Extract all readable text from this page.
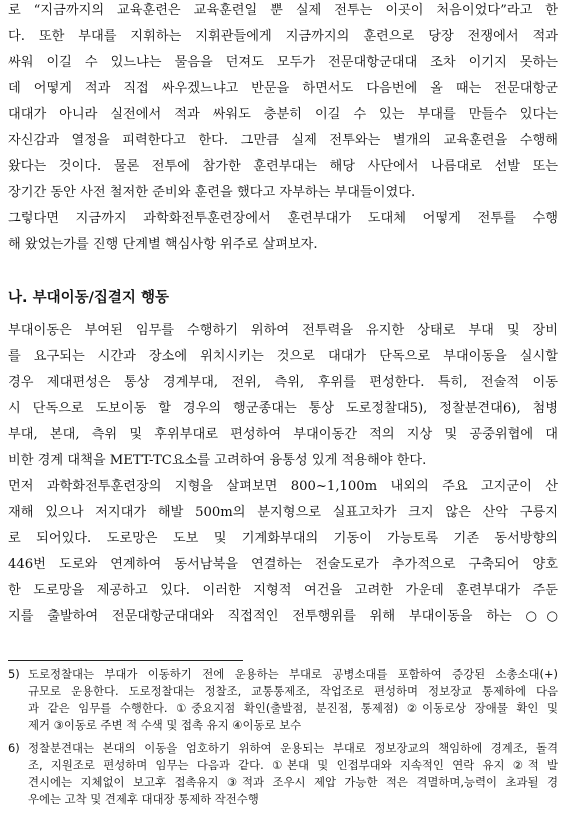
로 “지금까지의 교육훈련은 교육훈련일 뿐 실제 전투는 이곳이 처음이었다”라고 한
다. 또한 부대를 지휘하는 지휘관들에게 지금까지의 훈련으로 당장 전쟁에서 적과
싸워 이길 수 있느냐는 물음을 던져도 모두가 전문대항군대대 조차 이기지 못하는
데 어떻게 적과 직접 싸우겠느냐고 반문을 하면서도 다음번에 올 때는 전문대항군
대대가 아니라 실전에서 적과 싸워도 충분히 이길 수 있는 부대를 만들수 있다는
자신감과 열정을 피력한다고 한다. 그만큼 실제 전투와는 별개의 교육훈련을 수행해
왔다는 것이다. 물론 전투에 참가한 훈련부대는 해당 사단에서 나름대로 선발 또는
장기간 동안 사전 철저한 준비와 훈련을 했다고 자부하는 부대들이였다.
그렇다면 지금까지 과학화전투훈련장에서 훈련부대가 도대체 어떻게 전투를 수행
해 왔었는가를 진행 단계별 핵심사항 위주로 살펴보자.
나. 부대이동/집결지 행동
부대이동은 부여된 임무를 수행하기 위하여 전투력을 유지한 상태로 부대 및 장비
를 요구되는 시간과 장소에 위치시키는 것으로 대대가 단독으로 부대이동을 실시할
경우 제대편성은 통상 경계부대, 전위, 측위, 후위를 편성한다. 특히, 전술적 이동
시 단독으로 도보이동 할 경우의 행군종대는 통상 도로정찰대5), 정찰분견대6), 첨병
부대, 본대, 측위 및 후위부대로 편성하여 부대이동간 적의 지상 및 공중위협에 대
비한 경계 대책을 METT-TC요소를 고려하여 융통성 있게 적용해야 한다.
먼저 과학화전투훈련장의 지형을 살펴보면 800~1,100m 내외의 주요 고지군이 산
재해 있으나 저지대가 해발 500m의 분지형으로 실표고차가 크지 않은 산악 구릉지
로 되어있다. 도로망은 도보 및 기계화부대의 기동이 가능토록 기존 동서방향의
446번 도로와 연계하여 동서남북을 연결하는 전술도로가 추가적으로 구축되어 양호
한 도로망을 제공하고 있다. 이러한 지형적 여건을 고려한 가운데 훈련부대가 주둔
지를 출발하여 전문대항군대대와 직접적인 전투행위를 위해 부대이동을 하는 ○○
5) 도로정찰대는 부대가 이동하기 전에 운용하는 부대로 공병소대를 포함하여 증강된 소총소대(+)
규모로 운용한다. 도로정찰대는 정찰조, 교통통제조, 작업조로 편성하며 정보장교 통제하에 다음
과 같은 임무를 수행한다. ①중요지점 확인(출발점, 분진점, 통제점) ②이동로상 장애물 확인 및
제거 ③이동로 주변 적 수색 및 접촉 유지 ④이동로 보수
6) 정찰분견대는 본대의 이동을 엄호하기 위하여 운용되는 부대로 정보장교의 책임하에 경계조, 돌격
조, 지원조로 편성하며 임무는 다음과 같다. ①본대 및 인접부대와 지속적인 연락 유지 ②적 발
견시에는 지체없이 보고후 접촉유지 ③적과 조우시 제압 가능한 적은 격멸하며,능력이 초과될 경
우에는 고착 및 견제후 대대장 통제하 작전수행
